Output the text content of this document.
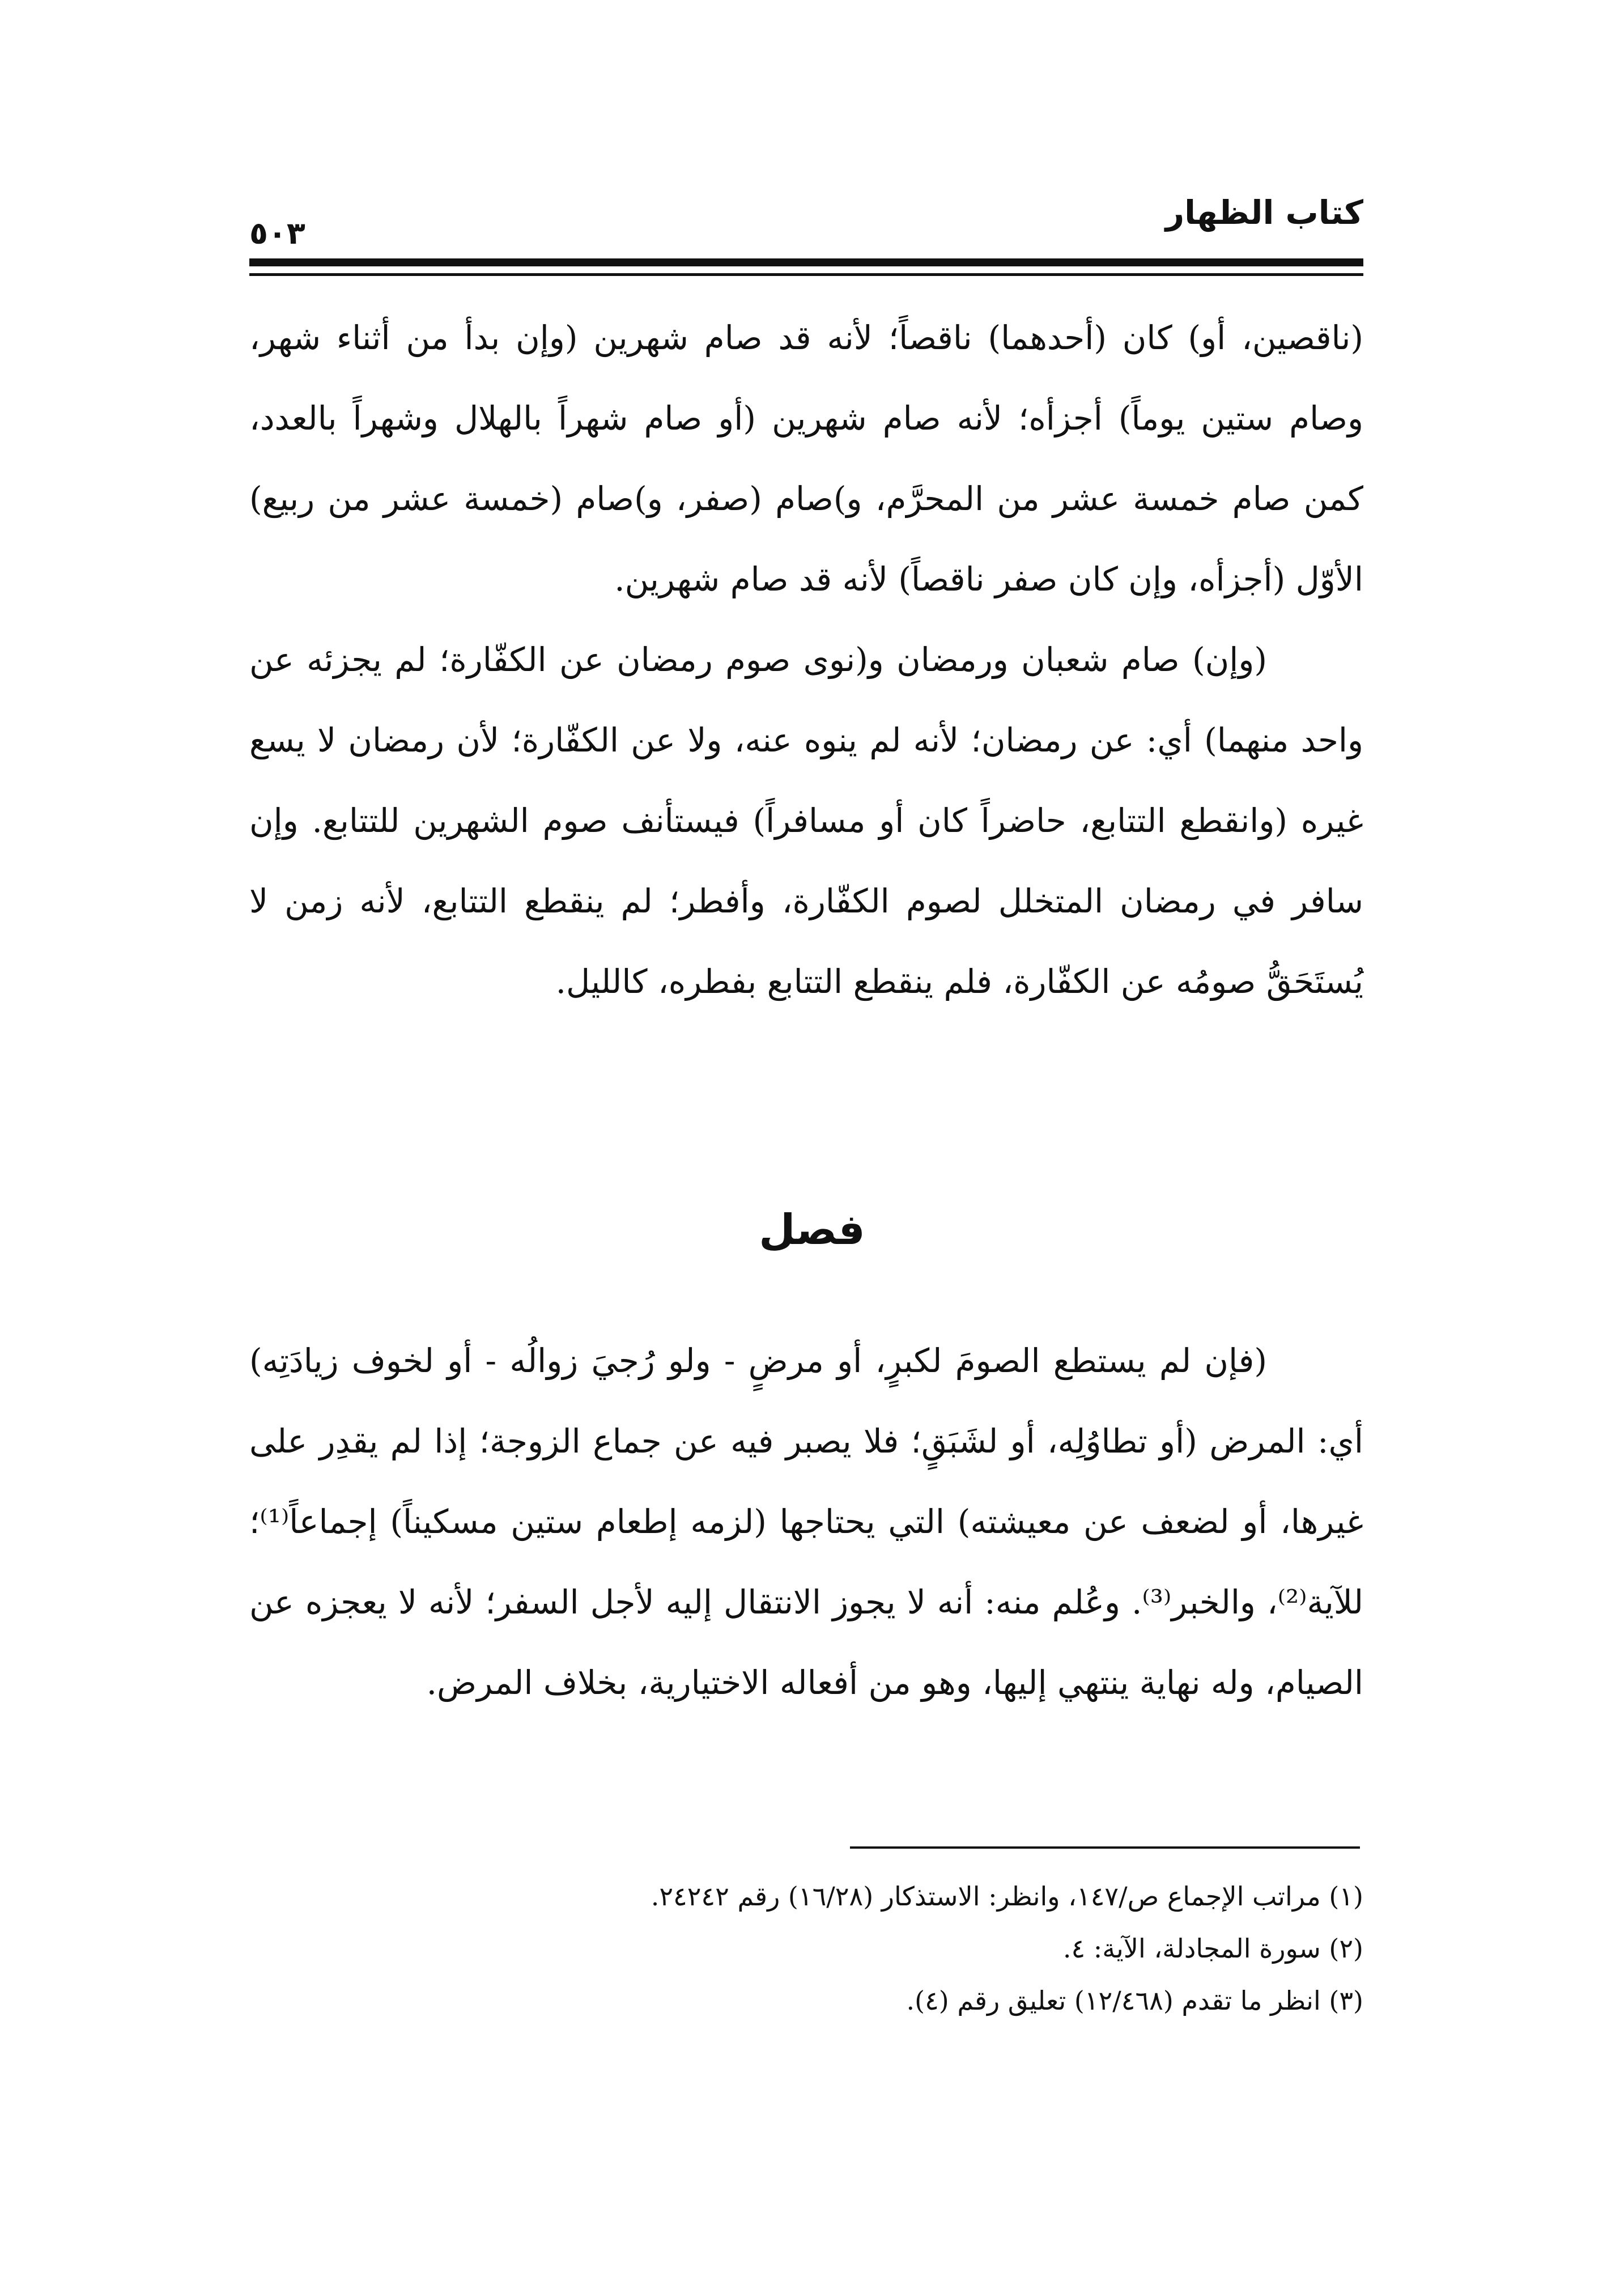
كتاب الظهار
٥٠٣

(ناقصين، أو) كان (أحدهما) ناقصاً؛ لأنه قد صام شهرين (وإن بدأ من أثناء شهر، وصام ستين يوماً) أجزأه؛ لأنه صام شهرين (أو صام شهراً بالهلال وشهراً بالعدد، كمن صام خمسة عشر من المحرَّم، و)صام (صفر، و)صام (خمسة عشر من ربيع) الأوّل (أجزأه، وإن كان صفر ناقصاً) لأنه قد صام شهرين.

(وإن) صام شعبان ورمضان و(نوى صوم رمضان عن الكفّارة؛ لم يجزئه عن واحد منهما) أي: عن رمضان؛ لأنه لم ينوه عنه، ولا عن الكفّارة؛ لأن رمضان لا يسع غيره (وانقطع التتابع، حاضراً كان أو مسافراً) فيستأنف صوم الشهرين للتتابع. وإن سافر في رمضان المتخلل لصوم الكفّارة، وأفطر؛ لم ينقطع التتابع، لأنه زمن لا يُستَحَقُّ صومُه عن الكفّارة، فلم ينقطع التتابع بفطره، كالليل.

فصل

(فإن لم يستطع الصومَ لكبرٍ، أو مرضٍ - ولو رُجيَ زوالُه - أو لخوف زيادَتِه) أي: المرض (أو تطاوُلِه، أو لشَبَقٍ؛ فلا يصبر فيه عن جماع الزوجة؛ إذا لم يقدِر على غيرها، أو لضعف عن معيشته) التي يحتاجها (لزمه إطعام ستين مسكيناً) إجماعاً⁽¹⁾؛ للآية⁽²⁾، والخبر⁽³⁾. وعُلم منه: أنه لا يجوز الانتقال إليه لأجل السفر؛ لأنه لا يعجزه عن الصيام، وله نهاية ينتهي إليها، وهو من أفعاله الاختيارية، بخلاف المرض.

(١) مراتب الإجماع ص/١٤٧، وانظر: الاستذكار (١٦/٢٨) رقم ٢٤٢٤٢.

(٢) سورة المجادلة، الآية: ٤.

(٣) انظر ما تقدم (١٢/٤٦٨) تعليق رقم (٤).
